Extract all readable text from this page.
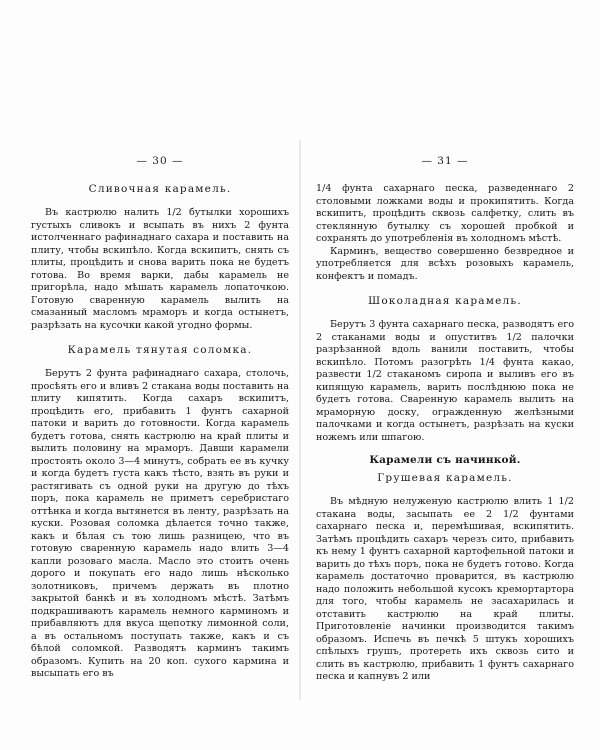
— 30 —
Сливочная карамель.

Въ кастрюлю налить 1/2 бутылки хорошихъ густыхъ сливокъ и всыпать въ нихъ 2 фунта истолченнаго рафинаднаго сахара и поставить на плиту, чтобы вскипѣло. Когда вскипитъ, снять съ плиты, процѣдить и снова варить пока не будетъ готова. Во время варки, дабы карамель не пригорѣла, надо мѣшать карамель лопаточкою. Готовую сваренную карамель вылить на смазанный масломъ мраморъ и когда остынетъ, разрѣзать на кусочки какой угодно формы.

Карамель тянутая соломка.

Берутъ 2 фунта рафинаднаго сахара, столочь, просѣять его и вливъ 2 стакана воды поставить на плиту кипятить. Когда сахаръ вскипитъ, процѣдить его, прибавить 1 фунтъ сахарной патоки и варить до готовности. Когда карамель будетъ готова, снять кастрюлю на край плиты и вылить половину на мраморъ. Давши карамели простоять около 3—4 минутъ, собрать ее въ кучку и когда будетъ густа какъ тѣсто, взять въ руки и растягивать съ одной руки на другую до тѣхъ поръ, пока карамель не приметъ серебристаго оттѣнка и когда вытянется въ ленту, разрѣзать на куски. Розовая соломка дѣлается точно также, какъ и бѣлая съ тою лишь разницею, что въ готовую сваренную карамель надо влить 3—4 капли розоваго масла. Масло это стоитъ очень дорого и покупать его надо лишь нѣсколько золотниковъ, причемъ держать въ плотно закрытой банкѣ и въ холодномъ мѣстѣ. Затѣмъ подкрашиваютъ карамель немного карминомъ и прибавляютъ для вкуса щепотку лимонной соли, а въ остальномъ поступать также, какъ и съ бѣлой соломкой. Разводятъ карминъ такимъ образомъ. Купить на 20 коп. сухого кармина и высыпать его въ

— 31 —

1/4 фунта сахарнаго песка, разведеннаго 2 столовыми ложками воды и прокипятить. Когда вскипитъ, процѣдить сквозь салфетку, слить въ стеклянную бутылку съ хорошей пробкой и сохранять до употребленія въ холодномъ мѣстѣ.

Карминъ, вещество совершенно безвредное и употребляется для всѣхъ розовыхъ карамель, конфектъ и помадъ.

Шоколадная карамель.

Берутъ 3 фунта сахарнаго песка, разводятъ его 2 стаканами воды и опуститвъ 1/2 палочки разрѣзанной вдоль ванили поставить, чтобы вскипѣло. Потомъ разогрѣть 1/4 фунта какао, развести 1/2 стаканомъ сиропа и выливъ его въ кипящую карамель, варить послѣднюю пока не будетъ готова. Сваренную карамель вылить на мраморную доску, огражденную желѣзными палочками и когда остынетъ, разрѣзать на куски ножемъ или шпагою.

Карамели съ начинкой.
Грушевая карамель.

Въ мѣдную нелуженую кастрюлю влить 1 1/2 стакана воды, засыпать ее 2 1/2 фунтами сахарнаго песка и, перемѣшивая, вскипятить. Затѣмъ процѣдить сахаръ черезъ сито, прибавить къ нему 1 фунтъ сахарной картофельной патоки и варить до тѣхъ поръ, пока не будетъ готово. Когда карамель достаточно проварится, въ кастрюлю надо положить небольшой кусокъ кремортартора для того, чтобы карамель не засахарилась и отставить кастрюлю на край плиты. Приготовленіе начинки производится такимъ образомъ. Испечь въ печкѣ 5 штукъ хорошихъ спѣлыхъ грушъ, протереть ихъ сквозь сито и слить въ кастрюлю, прибавить 1 фунтъ сахарнаго песка и капнувъ 2 или
